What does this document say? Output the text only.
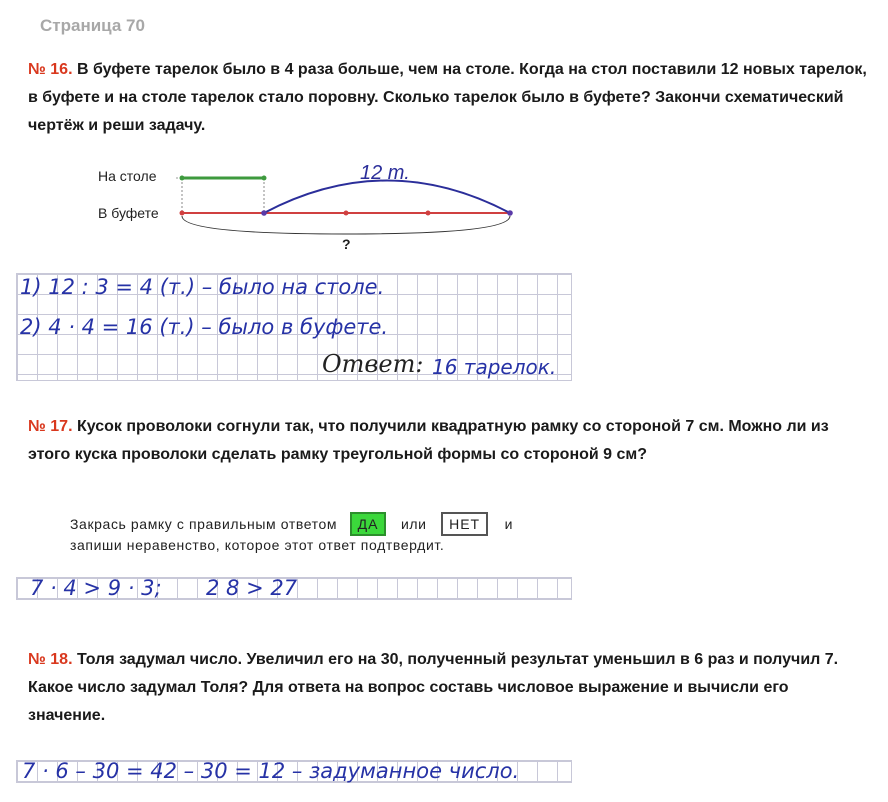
Страница 70
№ 16. В буфете тарелок было в 4 раза больше, чем на столе. Когда на стол поставили 12 новых тарелок, в буфете и на столе тарелок стало поровну. Сколько тарелок было в буфете? Закончи схематический чертёж и реши задачу.
На столе
В буфете
12 т.
?
1) 12 : 3 = 4 (т.) – было на столе.
2) 4 · 4 = 16 (т.) – было в буфете.
Ответ: 16 тарелок.
№ 17. Кусок проволоки согнули так, что получили квадратную рамку со стороной 7 см. Можно ли из этого куска проволоки сделать рамку треугольной формы со стороной 9 см?
Закрась рамку с правильным ответом ДА или НЕТ и
запиши неравенство, которое этот ответ подтвердит.
7 · 4 > 9 · 3; 2 8 > 27
№ 18. Толя задумал число. Увеличил его на 30, полученный результат уменьшил в 6 раз и получил 7. Какое число задумал Толя? Для ответа на вопрос составь числовое выражение и вычисли его значение.
7 · 6 – 30 = 42 – 30 = 12 – задуманное число.
